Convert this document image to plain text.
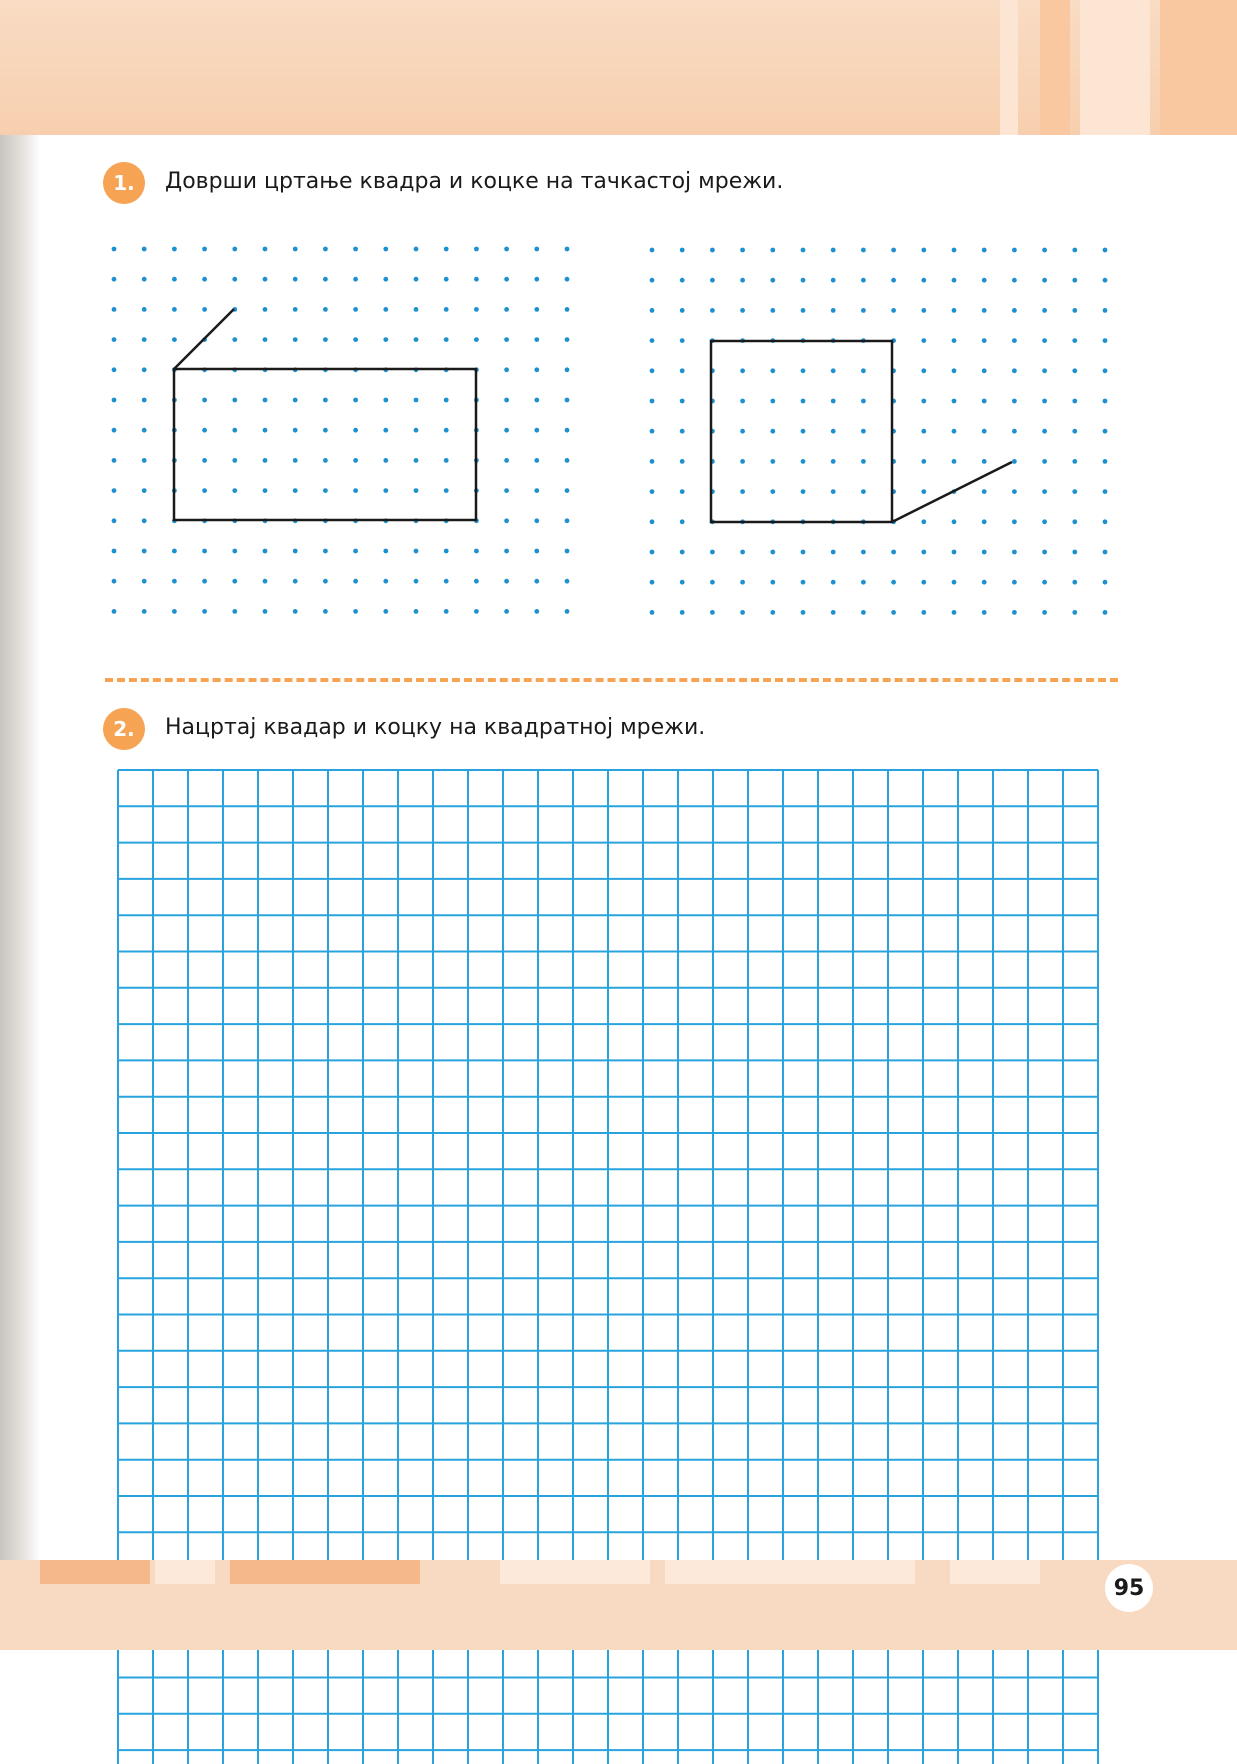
1.	Доврши цртање квадра и коцке на тачкастој мрежи.
2.	Нацртај квадар и коцку на квадратној мрежи.
95
